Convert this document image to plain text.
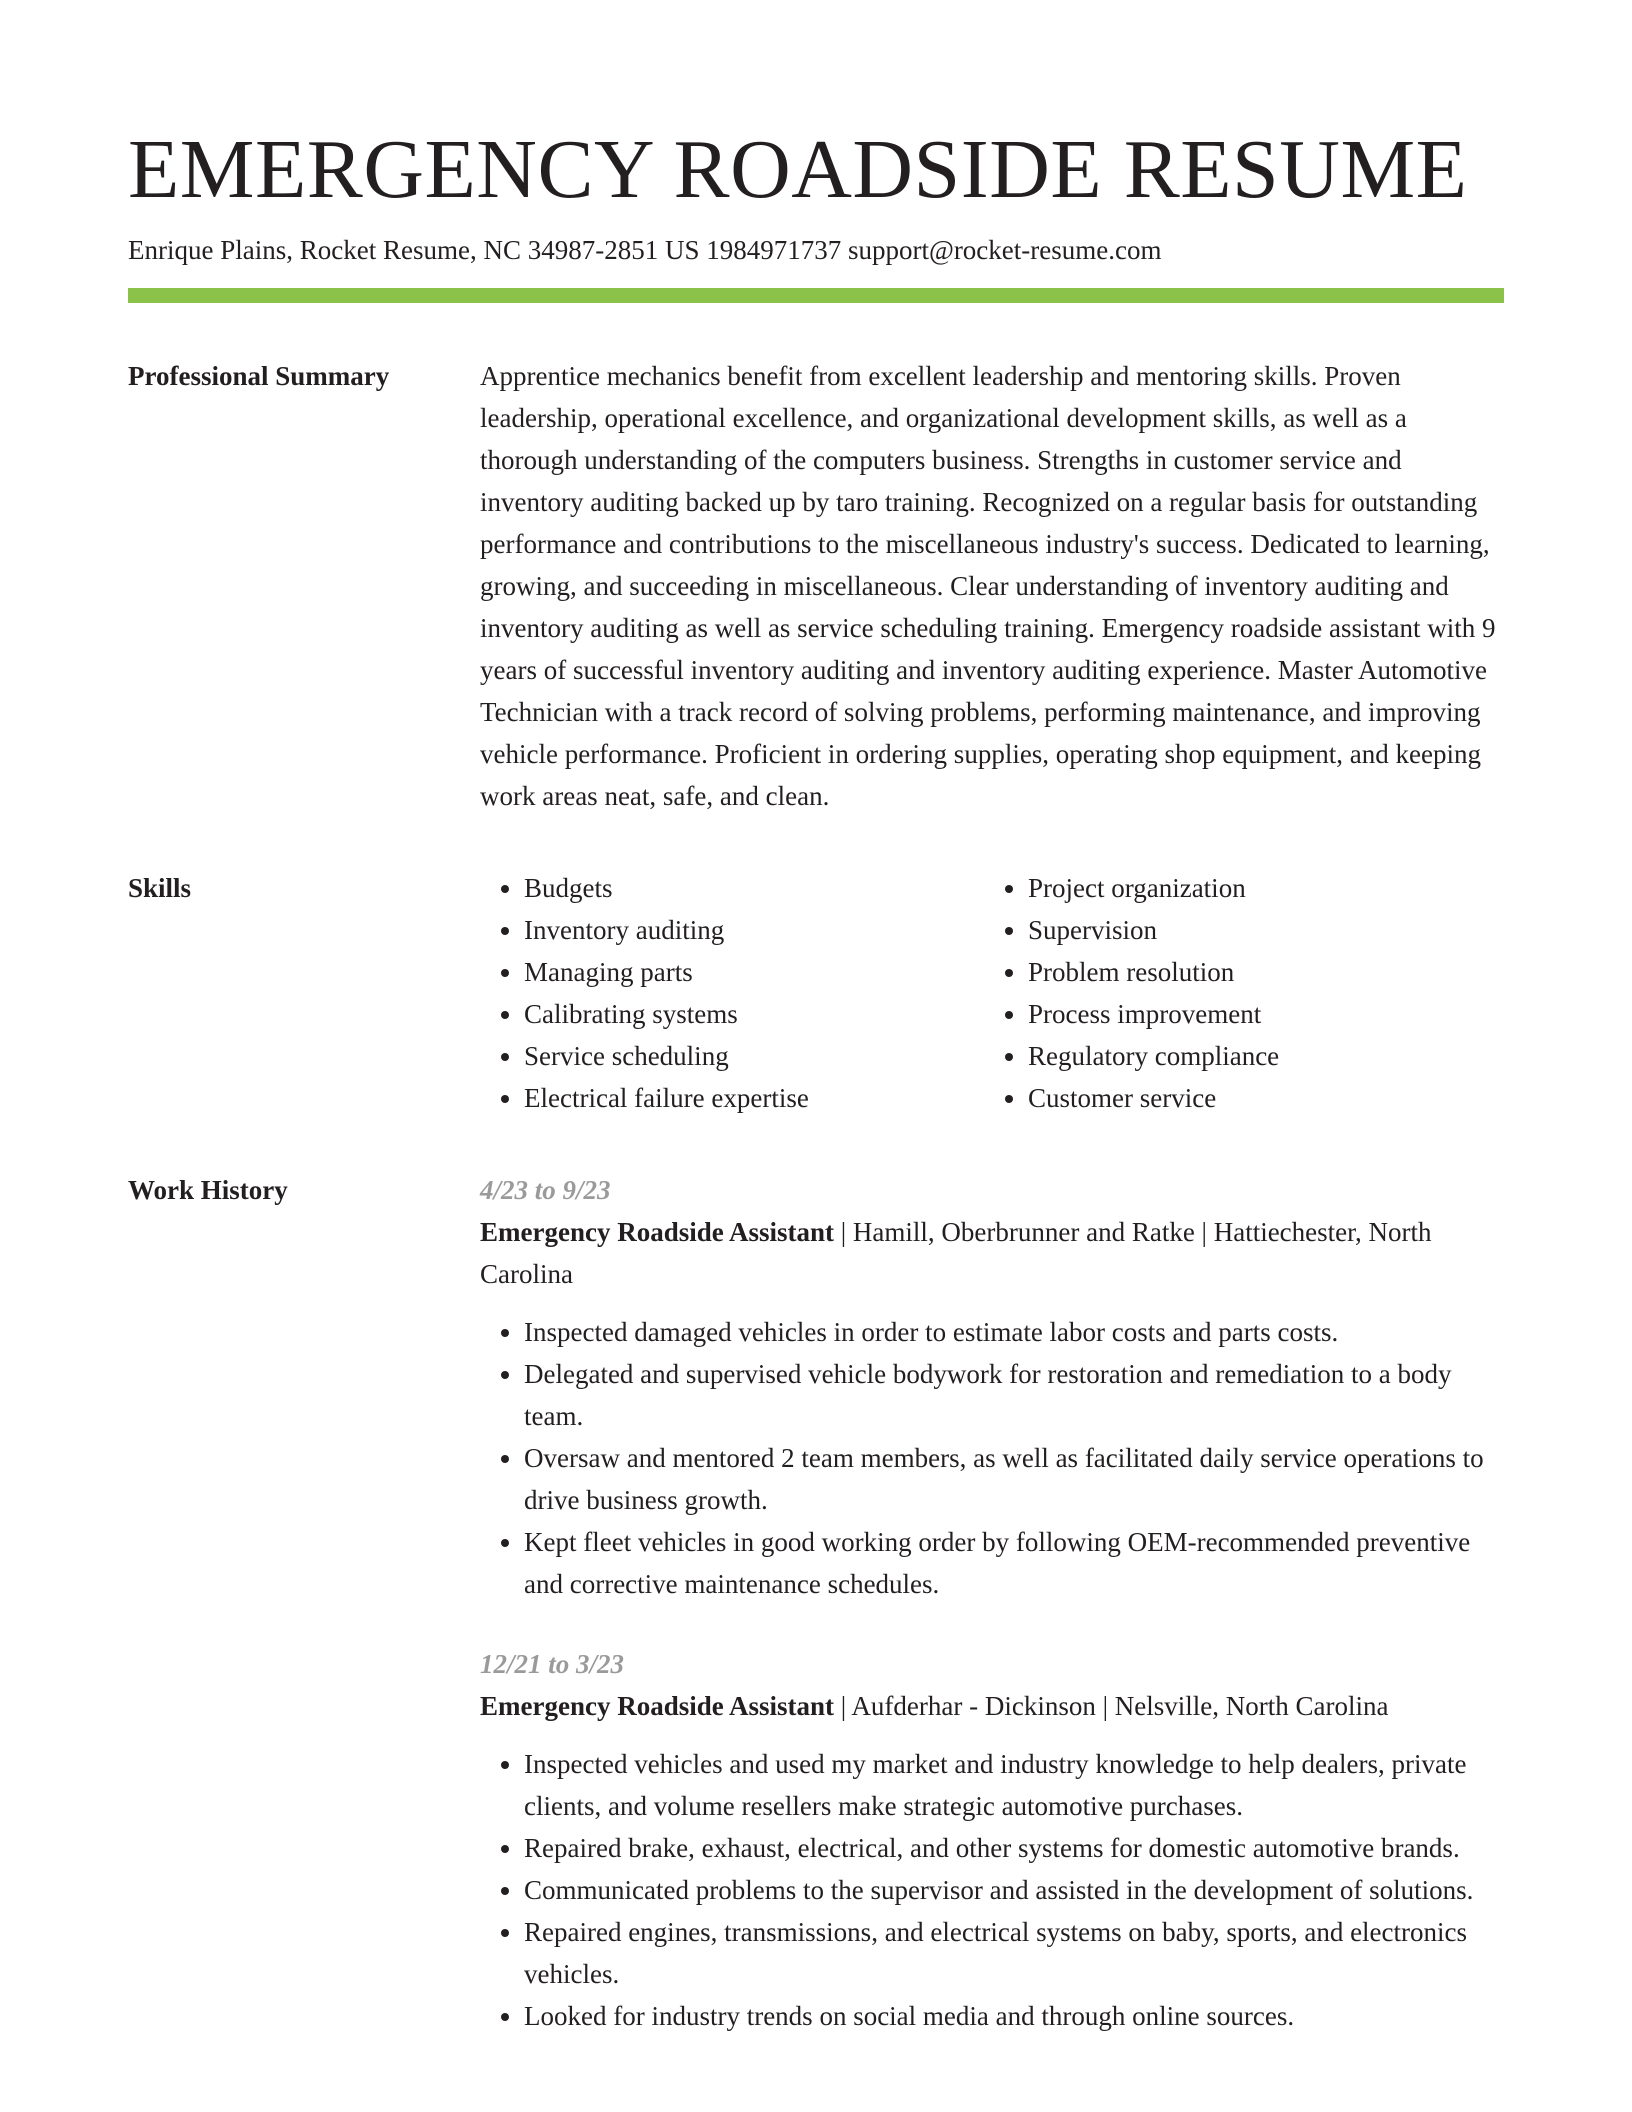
EMERGENCY ROADSIDE RESUME
Enrique Plains, Rocket Resume, NC 34987-2851 US 1984971737 support@rocket-resume.com
Professional Summary	Apprentice mechanics benefit from excellent leadership and mentoring skills. Proven leadership, operational excellence, and organizational development skills, as well as a thorough understanding of the computers business. Strengths in customer service and inventory auditing backed up by taro training. Recognized on a regular basis for outstanding performance and contributions to the miscellaneous industry's success. Dedicated to learning, growing, and succeeding in miscellaneous. Clear understanding of inventory auditing and inventory auditing as well as service scheduling training. Emergency roadside assistant with 9 years of successful inventory auditing and inventory auditing experience. Master Automotive Technician with a track record of solving problems, performing maintenance, and improving vehicle performance. Proficient in ordering supplies, operating shop equipment, and keeping work areas neat, safe, and clean.

Skills
•	Budgets
• Inventory auditing
• Managing parts
• Calibrating systems
• Service scheduling
• Electrical failure expertise
• Project organization
• Supervision
• Problem resolution
• Process improvement
• Regulatory compliance
• Customer service
Work History	4/23 to 9/23
Emergency Roadside Assistant | Hamill, Oberbrunner and Ratke | Hattiechester, North Carolina
• Inspected damaged vehicles in order to estimate labor costs and parts costs.
• Delegated and supervised vehicle bodywork for restoration and remediation to a body team.
• Oversaw and mentored 2 team members, as well as facilitated daily service operations to drive business growth.
• Kept fleet vehicles in good working order by following OEM-recommended preventive and corrective maintenance schedules.
12/21 to 3/23
Emergency Roadside Assistant | Aufderhar - Dickinson | Nelsville, North Carolina
• Inspected vehicles and used my market and industry knowledge to help dealers, private clients, and volume resellers make strategic automotive purchases.
• Repaired brake, exhaust, electrical, and other systems for domestic automotive brands.
• Communicated problems to the supervisor and assisted in the development of solutions.
• Repaired engines, transmissions, and electrical systems on baby, sports, and electronics vehicles.
• Looked for industry trends on social media and through online sources.
